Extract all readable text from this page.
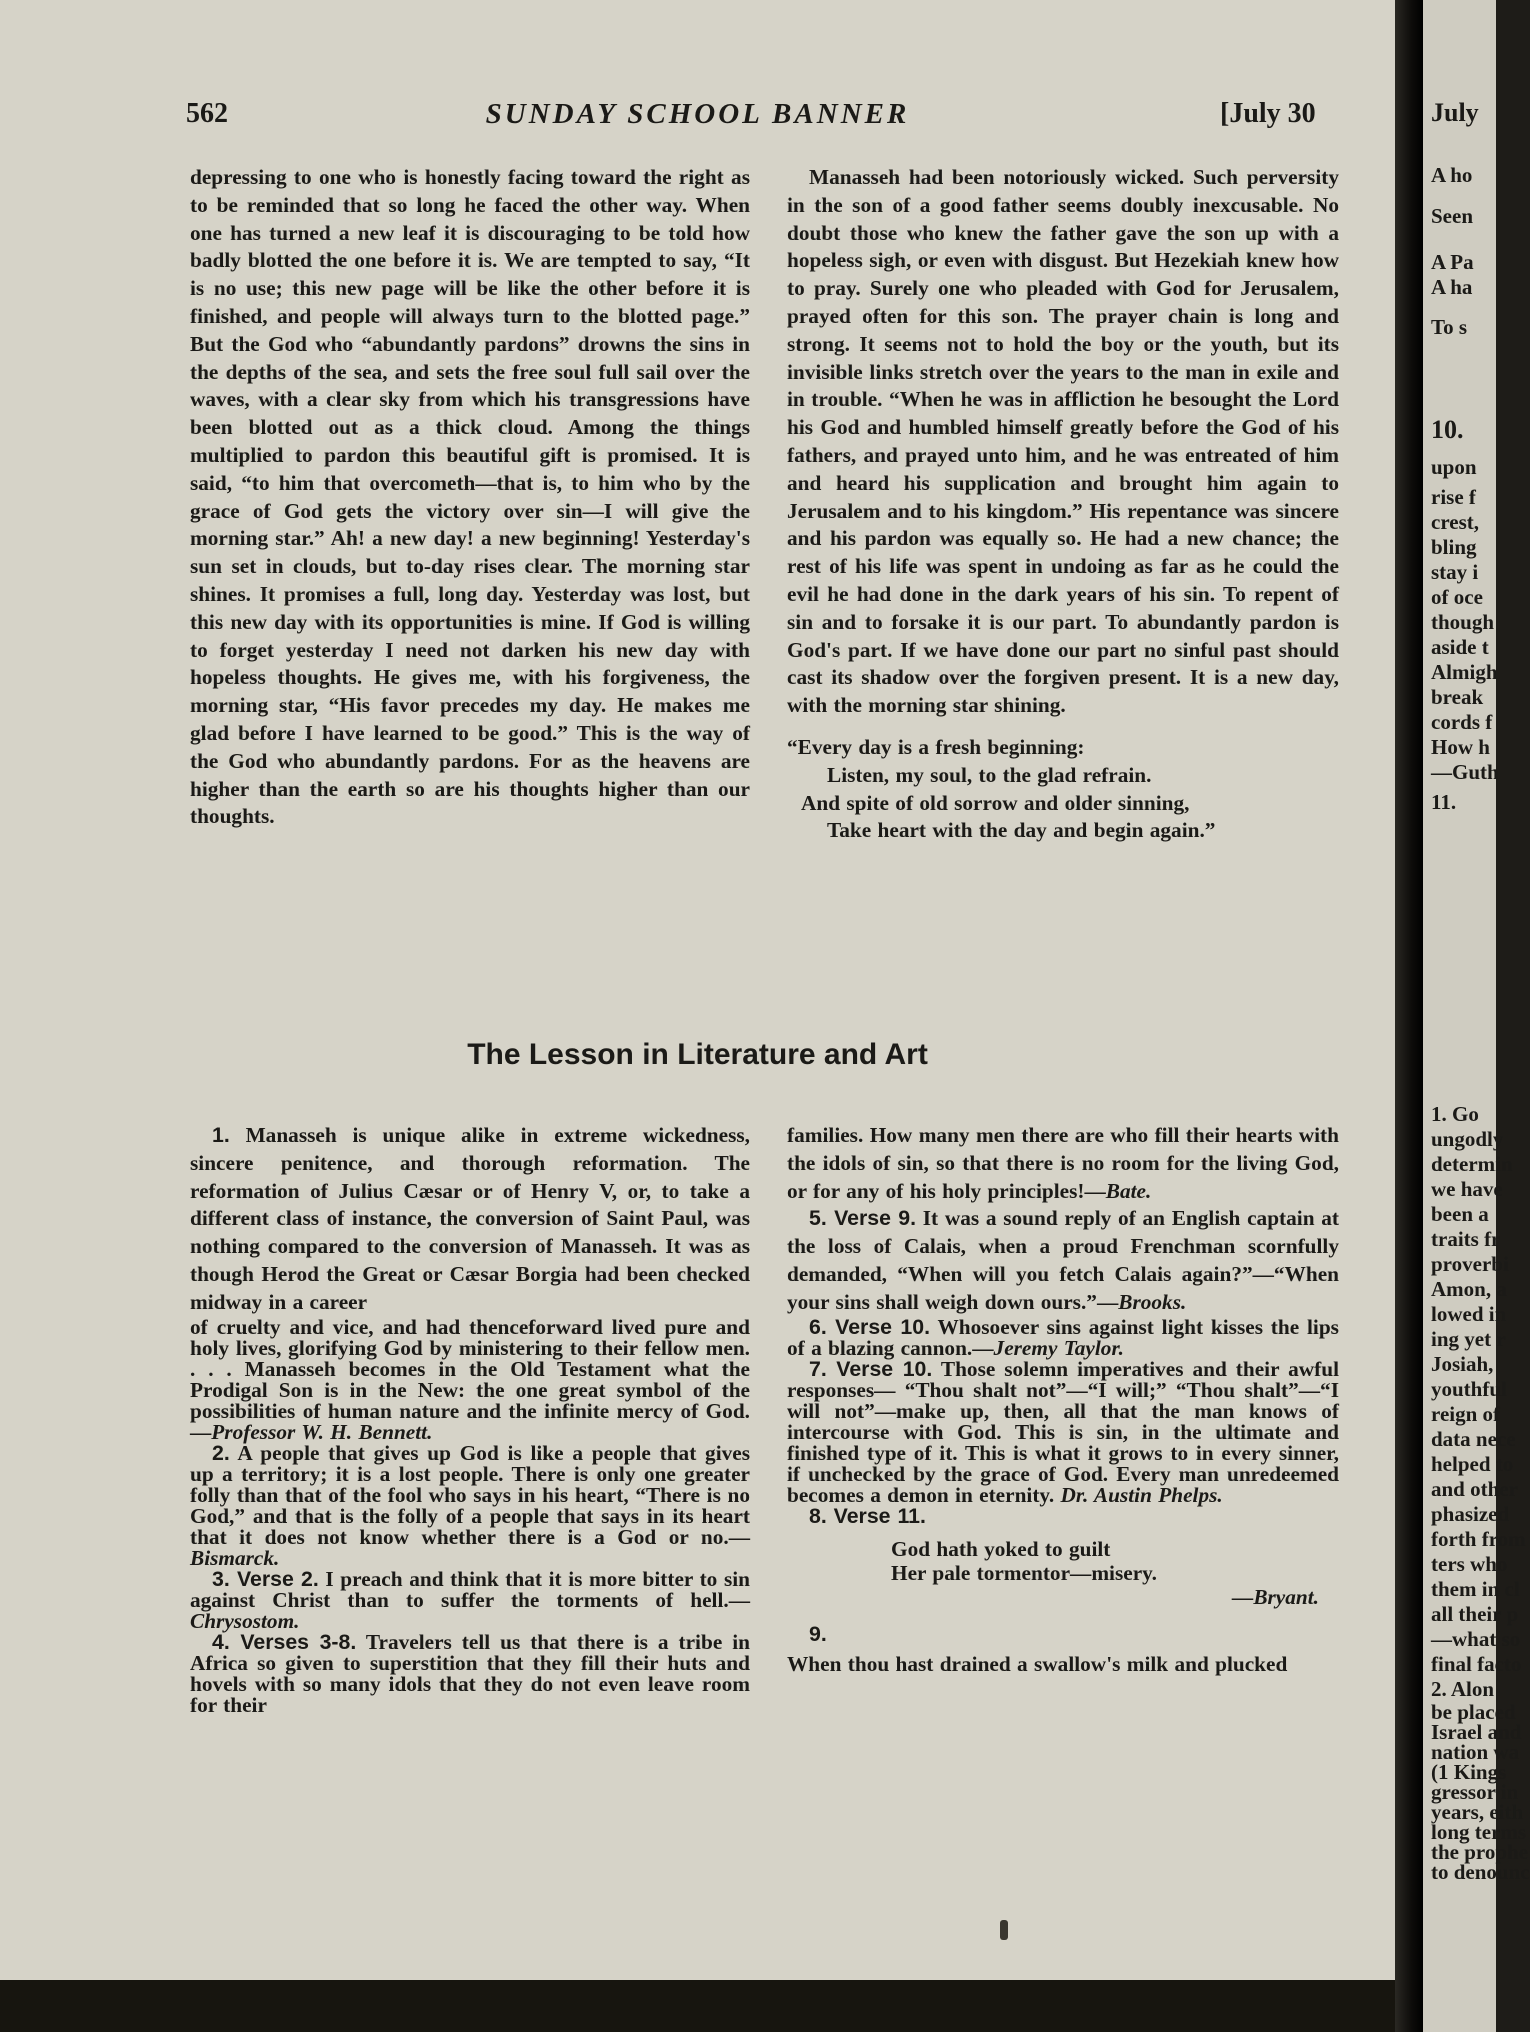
562	SUNDAY SCHOOL BANNER	[July 30

depressing to one who is honestly facing toward the right as to be reminded that so long he faced the other way. When one has turned a new leaf it is discouraging to be told how badly blotted the one before it is. We are tempted to say, “It is no use; this new page will be like the other before it is finished, and people will always turn to the blotted page.” But the God who “abundantly pardons” drowns the sins in the depths of the sea, and sets the free soul full sail over the waves, with a clear sky from which his transgressions have been blotted out as a thick cloud. Among the things multiplied to pardon this beautiful gift is promised. It is said, “to him that overcometh—that is, to him who by the grace of God gets the victory over sin—I will give the morning star.” Ah! a new day! a new beginning! Yesterday's sun set in clouds, but to-day rises clear. The morning star shines. It promises a full, long day. Yesterday was lost, but this new day with its opportunities is mine. If God is willing to forget yesterday I need not darken his new day with hopeless thoughts. He gives me, with his forgiveness, the morning star, “His favor precedes my day. He makes me glad before I have learned to be good.” This is the way of the God who abundantly pardons. For as the heavens are higher than the earth so are his thoughts higher than our thoughts.

Manasseh had been notoriously wicked. Such perversity in the son of a good father seems doubly inexcusable. No doubt those who knew the father gave the son up with a hopeless sigh, or even with disgust. But Hezekiah knew how to pray. Surely one who pleaded with God for Jerusalem, prayed often for this son. The prayer chain is long and strong. It seems not to hold the boy or the youth, but its invisible links stretch over the years to the man in exile and in trouble. “When he was in affliction he besought the Lord his God and humbled himself greatly before the God of his fathers, and prayed unto him, and he was entreated of him and heard his supplication and brought him again to Jerusalem and to his kingdom.” His repentance was sincere and his pardon was equally so. He had a new chance; the rest of his life was spent in undoing as far as he could the evil he had done in the dark years of his sin. To repent of sin and to forsake it is our part. To abundantly pardon is God's part. If we have done our part no sinful past should cast its shadow over the forgiven present. It is a new day, with the morning star shining.

“Every day is a fresh beginning:
Listen, my soul, to the glad refrain.
And spite of old sorrow and older sinning,
Take heart with the day and begin again.”
The Lesson in Literature and Art

1. Manasseh is unique alike in extreme wickedness, sincere penitence, and thorough reformation. The reformation of Julius Cæsar or of Henry V, or, to take a different class of instance, the conversion of Saint Paul, was nothing compared to the conversion of Manasseh. It was as though Herod the Great or Cæsar Borgia had been checked midway in a career

of cruelty and vice, and had thenceforward lived pure and holy lives, glorifying God by ministering to their fellow men. . . . Manasseh becomes in the Old Testament what the Prodigal Son is in the New: the one great symbol of the possibilities of human nature and the infinite mercy of God.—Professor W. H. Bennett.

2. A people that gives up God is like a people that gives up a territory; it is a lost people. There is only one greater folly than that of the fool who says in his heart, “There is no God,” and that is the folly of a people that says in its heart that it does not know whether there is a God or no.—Bismarck.

3. Verse 2. I preach and think that it is more bitter to sin against Christ than to suffer the torments of hell.—Chrysostom.

4. Verses 3-8. Travelers tell us that there is a tribe in Africa so given to superstition that they fill their huts and hovels with so many idols that they do not even leave room for their

families. How many men there are who fill their hearts with the idols of sin, so that there is no room for the living God, or for any of his holy principles!—Bate.

5. Verse 9. It was a sound reply of an English captain at the loss of Calais, when a proud Frenchman scornfully demanded, “When will you fetch Calais again?”—“When your sins shall weigh down ours.”—Brooks.

6. Verse 10. Whosoever sins against light kisses the lips of a blazing cannon.—Jeremy Taylor.

7. Verse 10. Those solemn imperatives and their awful responses— “Thou shalt not”—“I will;” “Thou shalt”—“I will not”—make up, then, all that the man knows of intercourse with God. This is sin, in the ultimate and finished type of it. This is what it grows to in every sinner, if unchecked by the grace of God. Every man unredeemed becomes a demon in eternity. Dr. Austin Phelps.

8. Verse 11.

God hath yoked to guilt
Her pale tormentor—misery.
—Bryant.

9.

When thou hast drained a swallow's milk and plucked

July
A ho
Seen
A Pa
A ha
To s
10.
upon
rise f
crest,
bling
stay i
of oce
though
aside t
Almigh
break
cords f
How h
—Guth
11.
1. Go
ungodly
determin
we have
been a
traits fr
proverbi
Amon, a
lowed in
ing yet r
Josiah,
youthful
reign of
data nece
helped to
and other
phasized
forth from
ters who
them in cl
all their p
—what so
final facto
2. Alon
be placed
Israel and
nation wa
(1 Kings
gressor in
years, eith
long terms
the prophe
to denounc
